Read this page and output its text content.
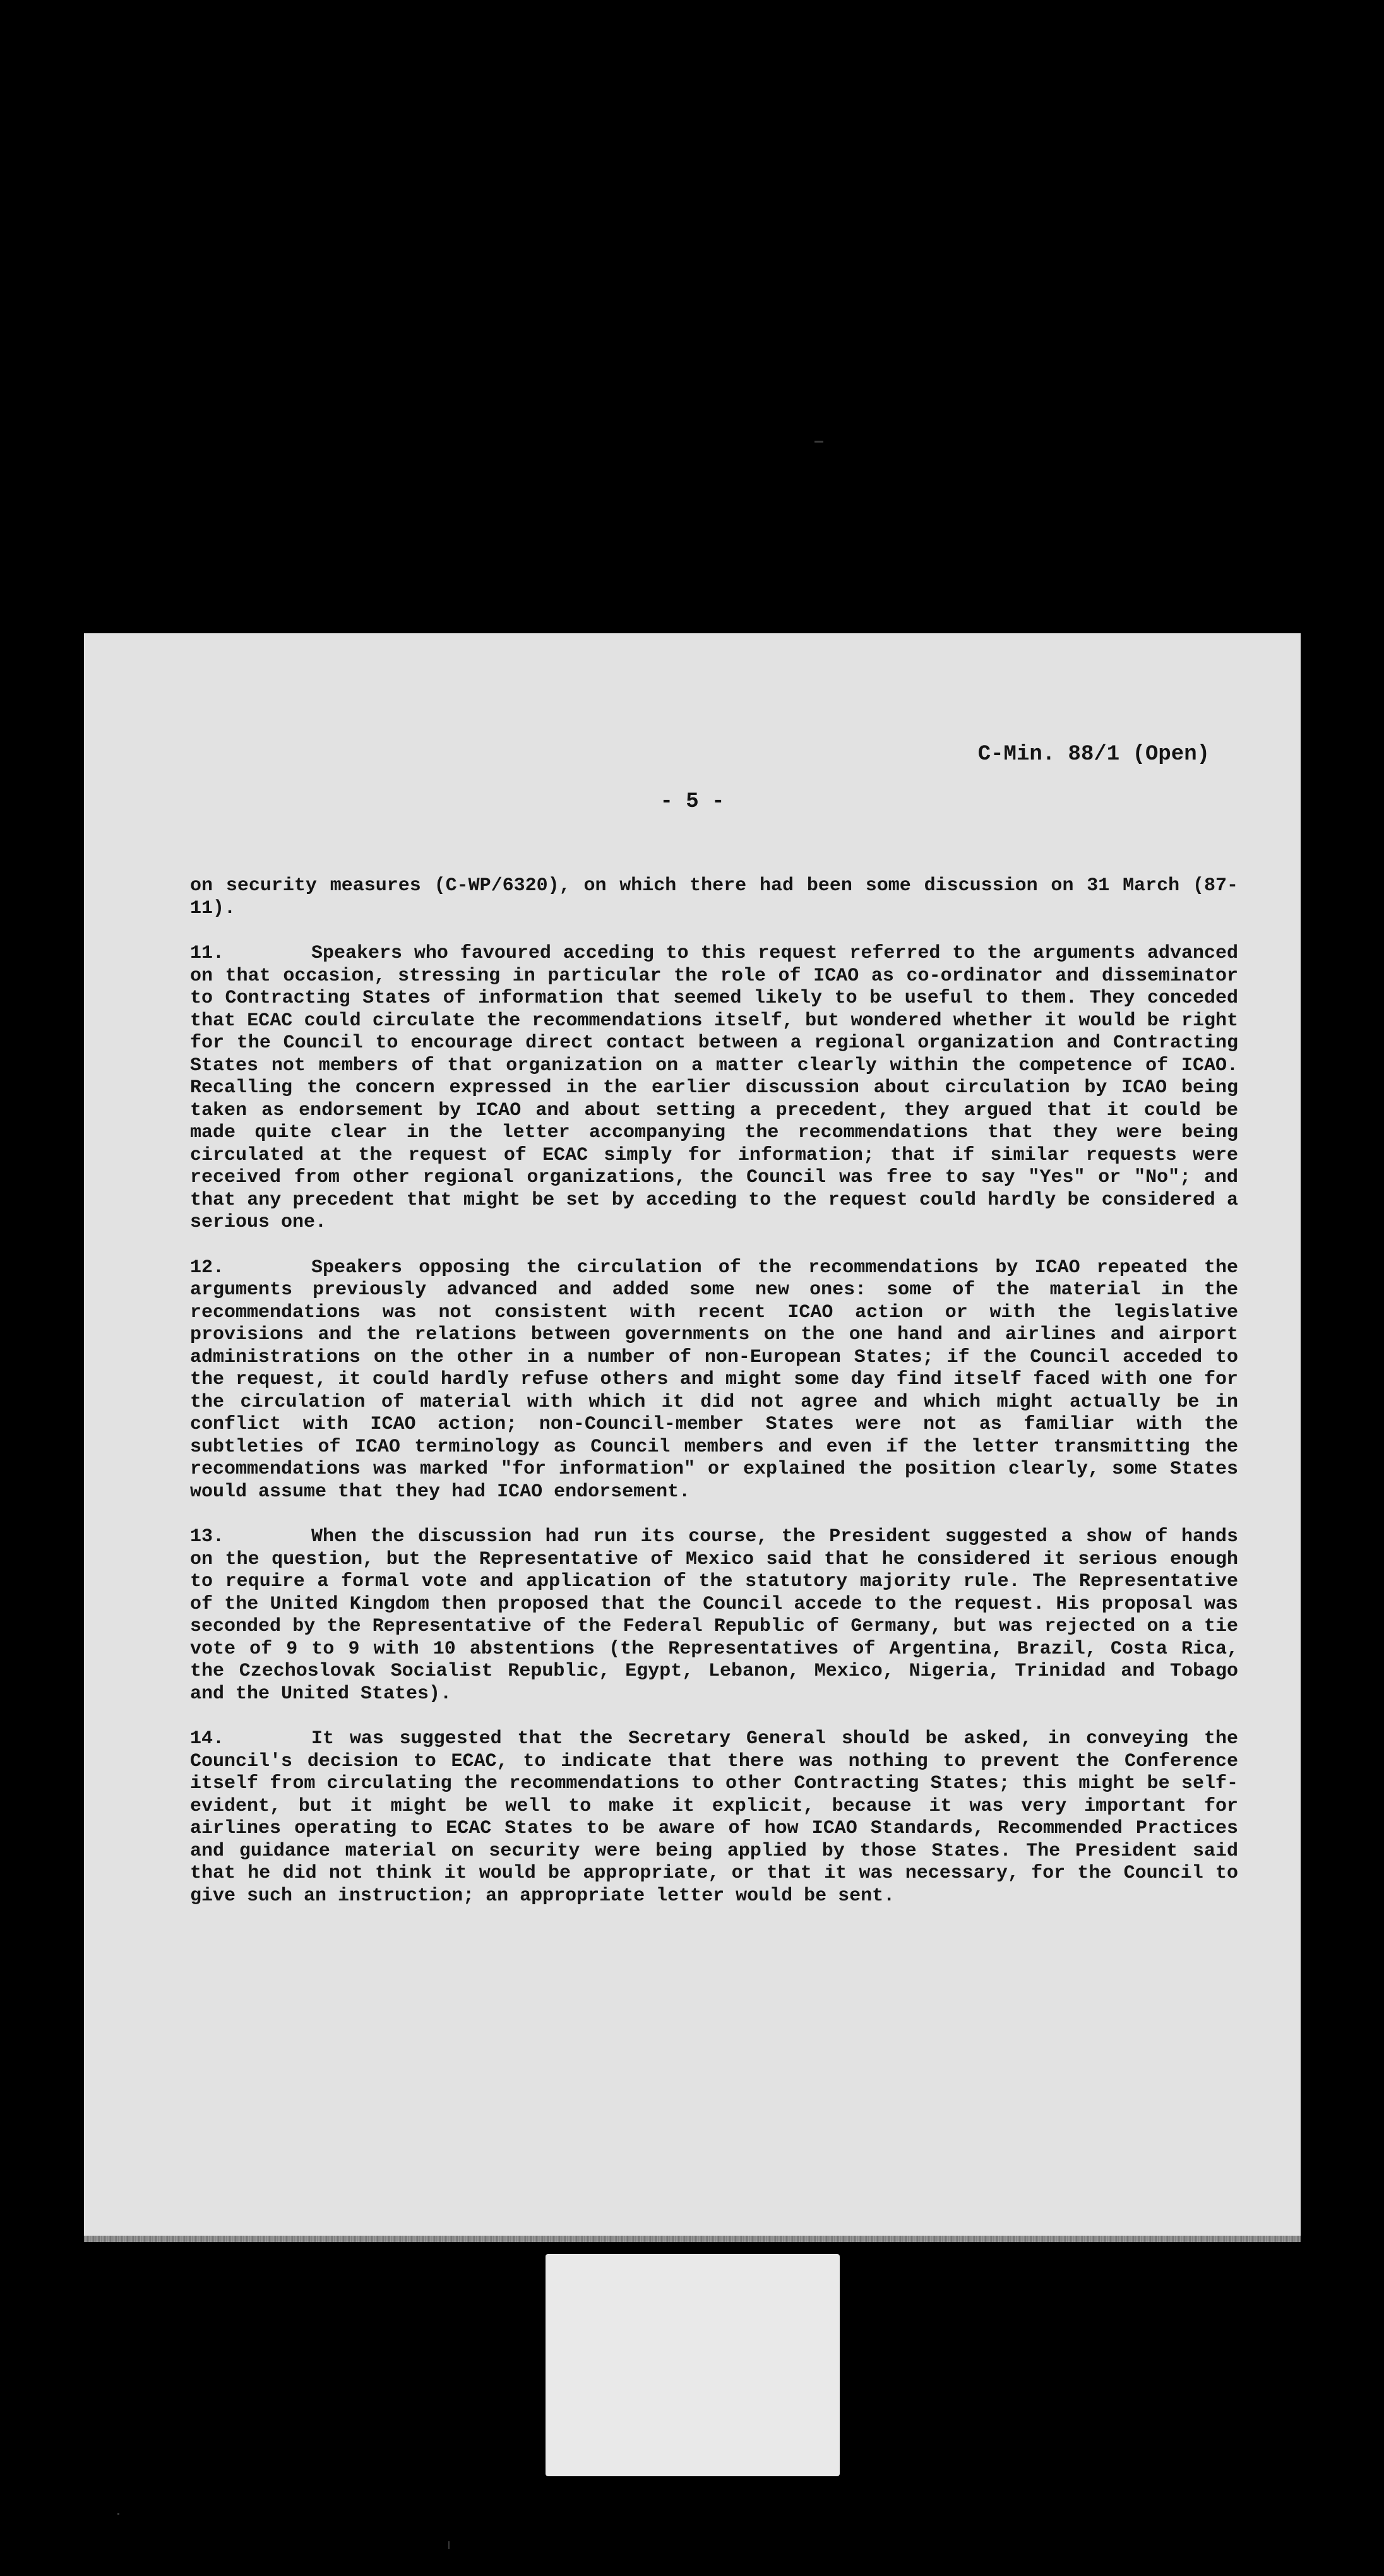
C-Min. 88/1 (Open)

- 5 -

on security measures (C-WP/6320), on which there had been some discussion on 31 March (87-11).

11.	Speakers who favoured acceding to this request referred to the arguments advanced on that occasion, stressing in particular the role of ICAO as co-ordinator and disseminator to Contracting States of information that seemed likely to be useful to them. They conceded that ECAC could circulate the recommendations itself, but wondered whether it would be right for the Council to encourage direct contact between a regional organization and Contracting States not members of that organization on a matter clearly within the competence of ICAO. Recalling the concern expressed in the earlier discussion about circulation by ICAO being taken as endorsement by ICAO and about setting a precedent, they argued that it could be made quite clear in the letter accompanying the recommendations that they were being circulated at the request of ECAC simply for information; that if similar requests were received from other regional organizations, the Council was free to say "Yes" or "No"; and that any precedent that might be set by acceding to the request could hardly be considered a serious one.

12.	Speakers opposing the circulation of the recommendations by ICAO repeated the arguments previously advanced and added some new ones: some of the material in the recommendations was not consistent with recent ICAO action or with the legislative provisions and the relations between governments on the one hand and airlines and airport administrations on the other in a number of non-European States; if the Council acceded to the request, it could hardly refuse others and might some day find itself faced with one for the circulation of material with which it did not agree and which might actually be in conflict with ICAO action; non-Council-member States were not as familiar with the subtleties of ICAO terminology as Council members and even if the letter transmitting the recommendations was marked "for information" or explained the position clearly, some States would assume that they had ICAO endorsement.

13.	When the discussion had run its course, the President suggested a show of hands on the question, but the Representative of Mexico said that he considered it serious enough to require a formal vote and application of the statutory majority rule. The Representative of the United Kingdom then proposed that the Council accede to the request. His proposal was seconded by the Representative of the Federal Republic of Germany, but was rejected on a tie vote of 9 to 9 with 10 abstentions (the Representatives of Argentina, Brazil, Costa Rica, the Czechoslovak Socialist Republic, Egypt, Lebanon, Mexico, Nigeria, Trinidad and Tobago and the United States).

14.	It was suggested that the Secretary General should be asked, in conveying the Council's decision to ECAC, to indicate that there was nothing to prevent the Conference itself from circulating the recommendations to other Contracting States; this might be self-evident, but it might be well to make it explicit, because it was very important for airlines operating to ECAC States to be aware of how ICAO Standards, Recommended Practices and guidance material on security were being applied by those States. The President said that he did not think it would be appropriate, or that it was necessary, for the Council to give such an instruction; an appropriate letter would be sent.
